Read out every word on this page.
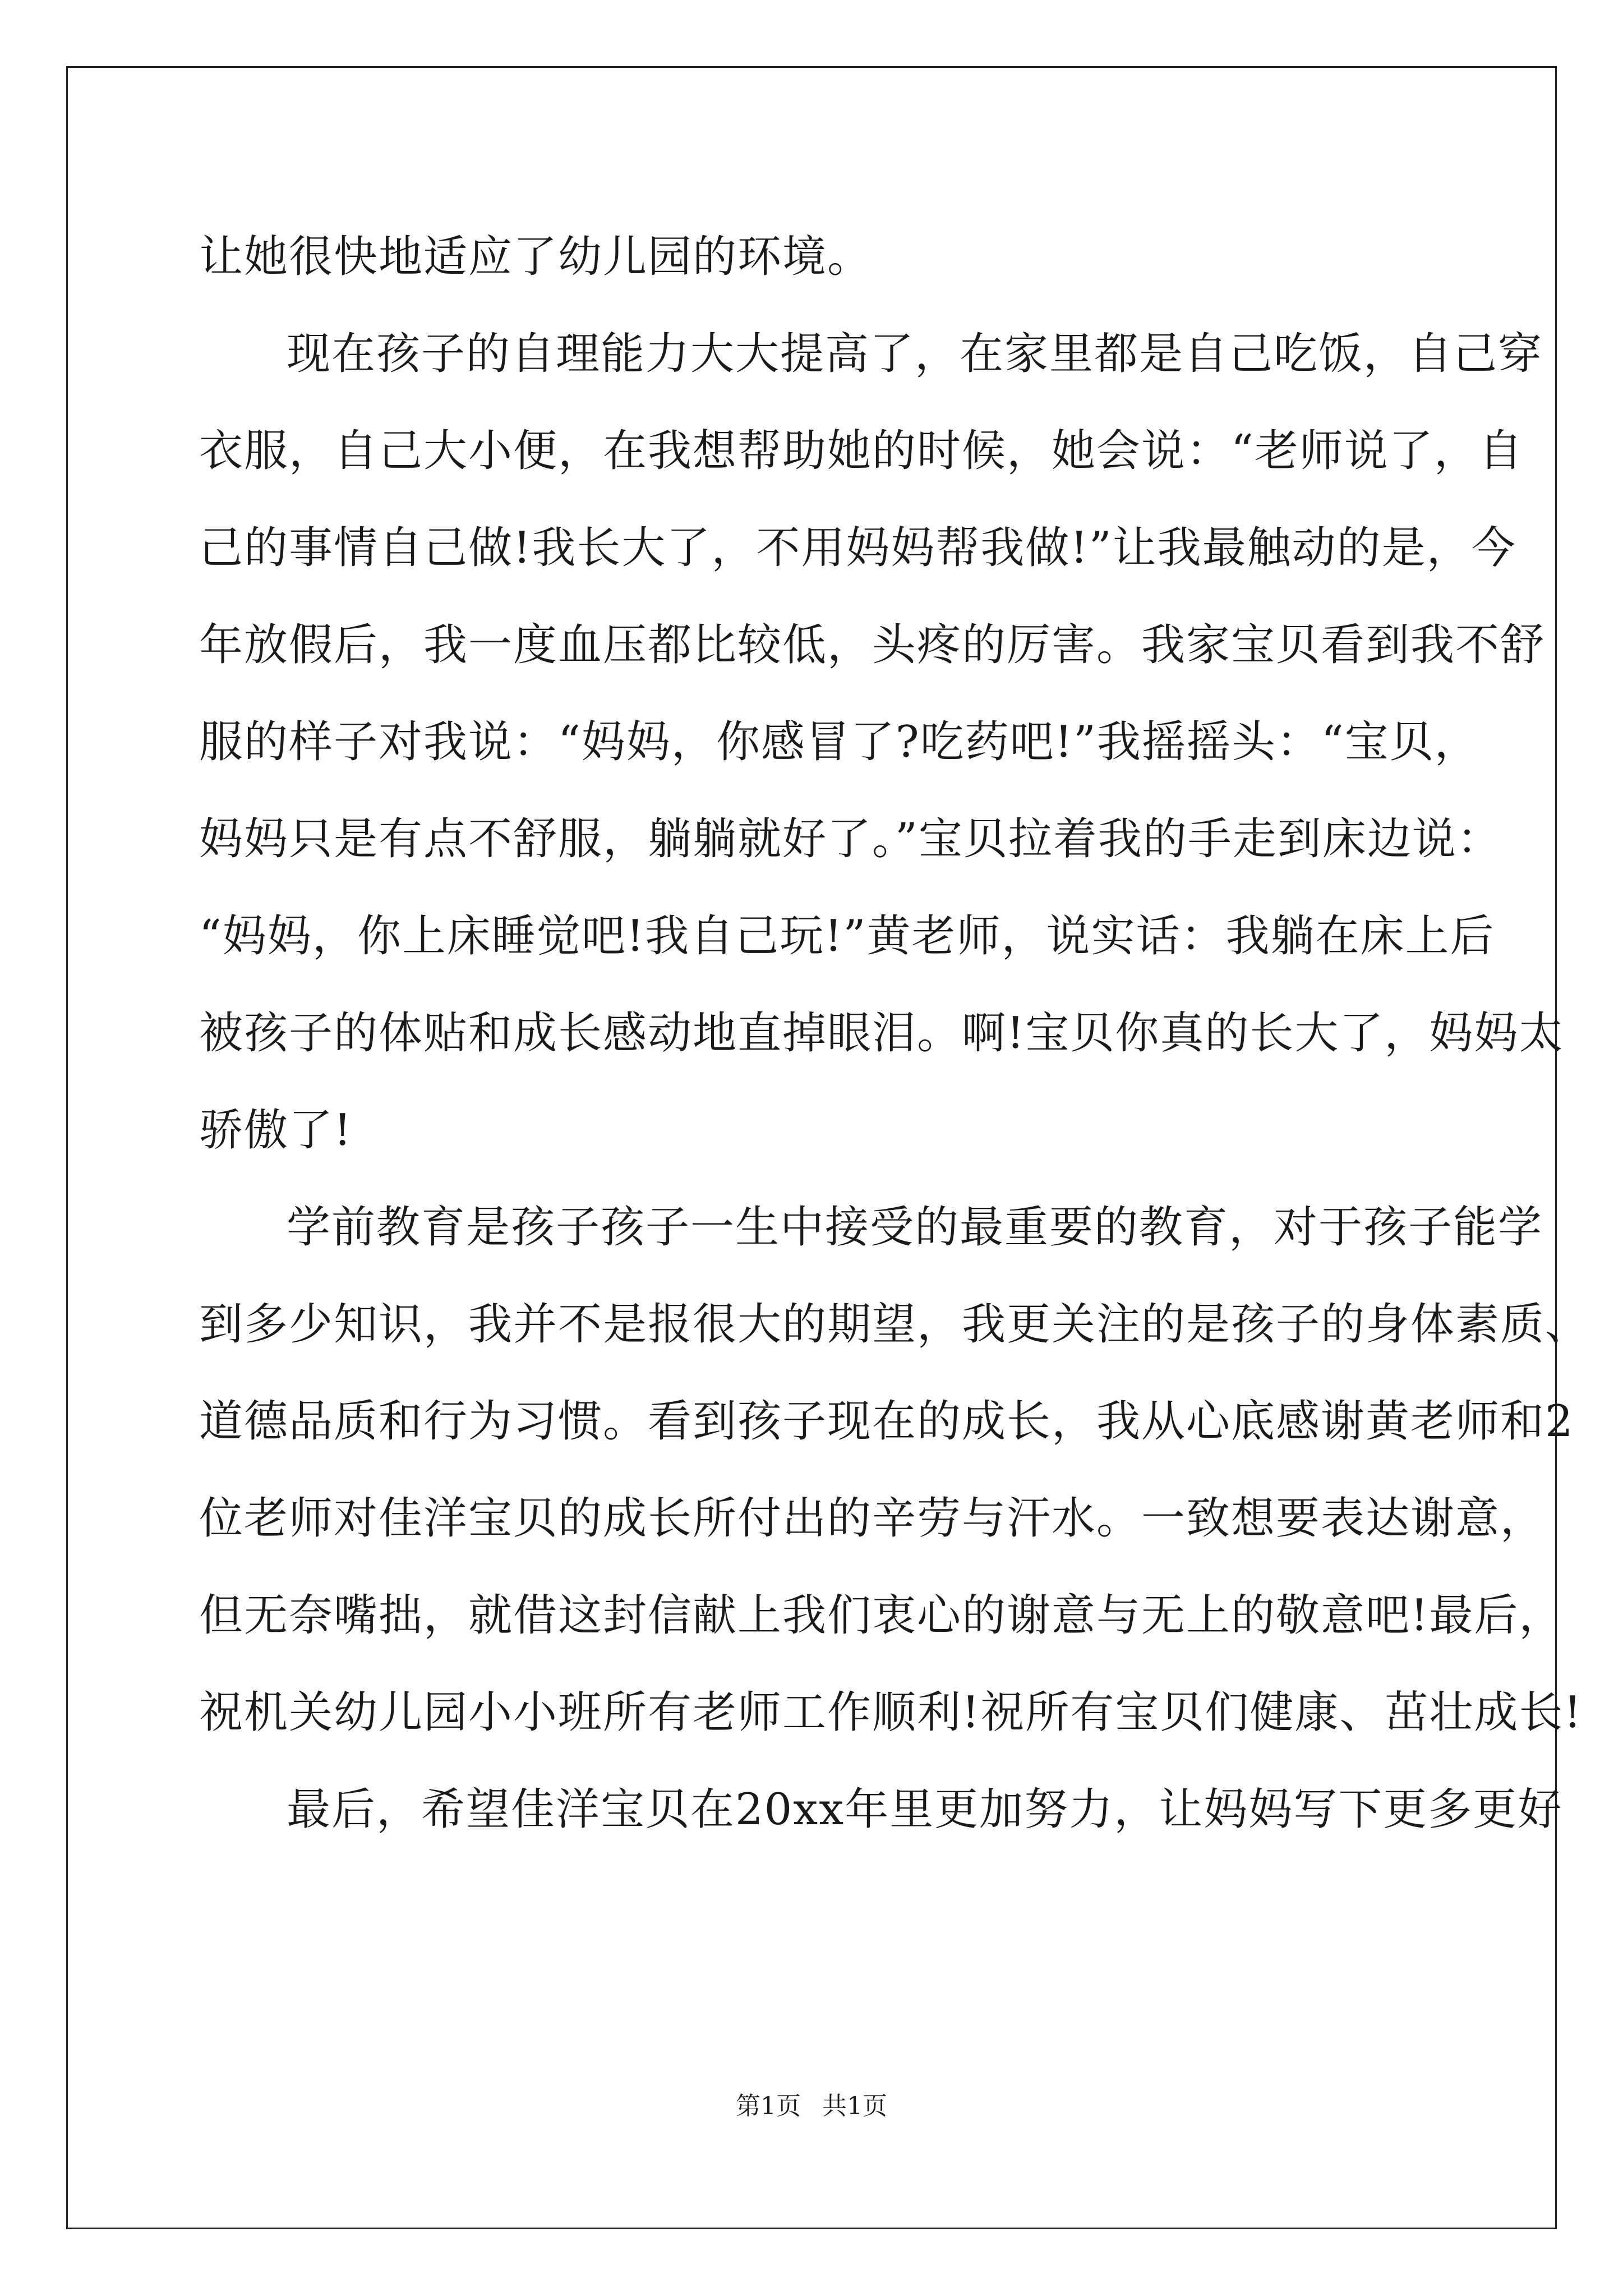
让她很快地适应了幼儿园的环境。
现在孩子的自理能力大大提高了，在家里都是自己吃饭，自己穿
衣服，自己大小便，在我想帮助她的时候，她会说：“老师说了，自
己的事情自己做!我长大了，不用妈妈帮我做!”让我最触动的是，今
年放假后，我一度血压都比较低，头疼的厉害。我家宝贝看到我不舒
服的样子对我说：“妈妈，你感冒了?吃药吧!”我摇摇头：“宝贝，
妈妈只是有点不舒服，躺躺就好了。”宝贝拉着我的手走到床边说：
“妈妈，你上床睡觉吧!我自己玩!”黄老师，说实话：我躺在床上后
被孩子的体贴和成长感动地直掉眼泪。啊!宝贝你真的长大了，妈妈太
骄傲了!
学前教育是孩子孩子一生中接受的最重要的教育，对于孩子能学
到多少知识，我并不是报很大的期望，我更关注的是孩子的身体素质、
道德品质和行为习惯。看到孩子现在的成长，我从心底感谢黄老师和2
位老师对佳洋宝贝的成长所付出的辛劳与汗水。一致想要表达谢意，
但无奈嘴拙，就借这封信献上我们衷心的谢意与无上的敬意吧!最后，
祝机关幼儿园小小班所有老师工作顺利!祝所有宝贝们健康、茁壮成长!
最后，希望佳洋宝贝在20xx年里更加努力，让妈妈写下更多更好
第1页 共1页
